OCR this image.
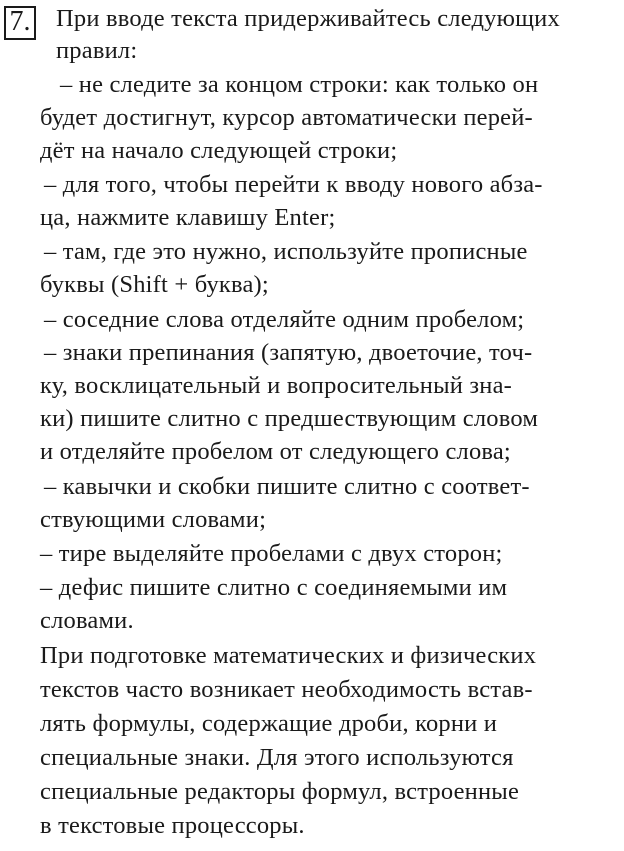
7. При вводе текста придерживайтесь следующих
правил:
– не следите за концом строки: как только он
будет достигнут, курсор автоматически перей-
дёт на начало следующей строки;
– для того, чтобы перейти к вводу нового абза-
ца, нажмите клавишу Enter;
– там, где это нужно, используйте прописные
буквы (Shift + буква);
– соседние слова отделяйте одним пробелом;
– знаки препинания (запятую, двоеточие, точ-
ку, восклицательный и вопросительный зна-
ки) пишите слитно с предшествующим словом
и отделяйте пробелом от следующего слова;
– кавычки и скобки пишите слитно с соответ-
ствующими словами;
– тире выделяйте пробелами с двух сторон;
– дефис пишите слитно с соединяемыми им
словами.
При подготовке математических и физических
текстов часто возникает необходимость встав-
лять формулы, содержащие дроби, корни и
специальные знаки. Для этого используются
специальные редакторы формул, встроенные
в текстовые процессоры.
